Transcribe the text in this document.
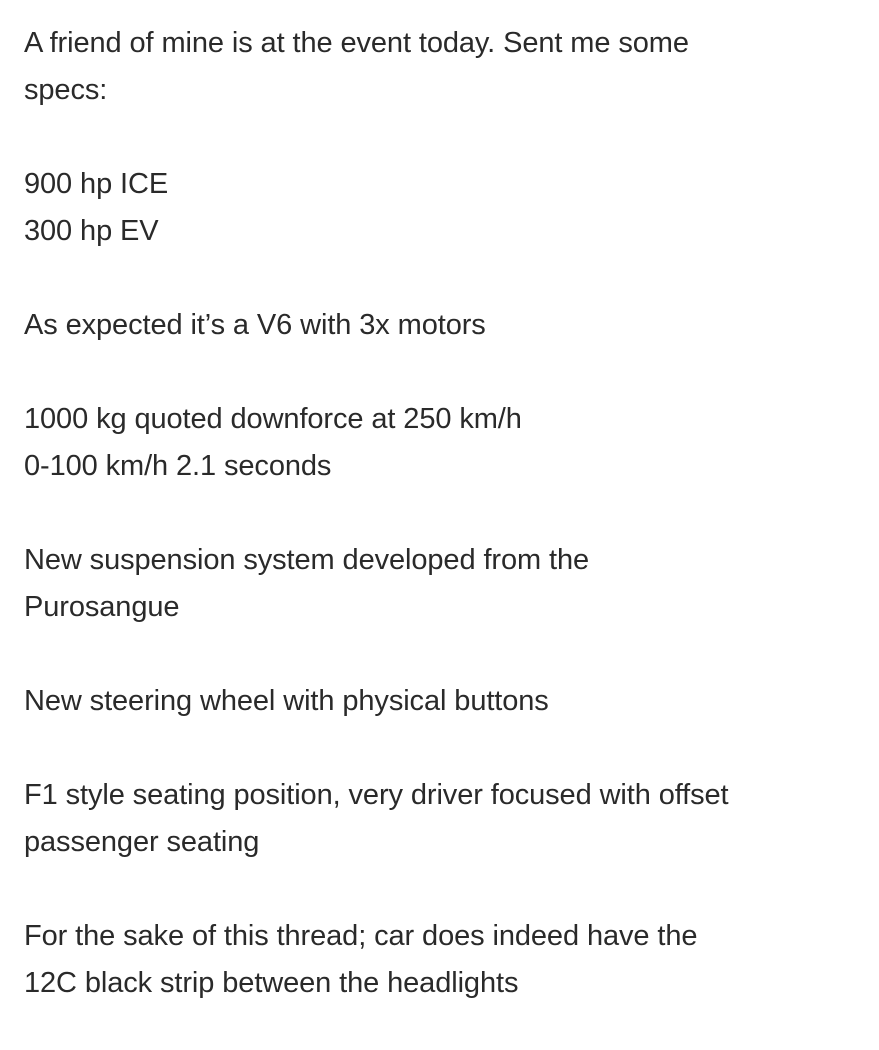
A friend of mine is at the event today. Sent me some
specs:

900 hp ICE
300 hp EV

As expected it’s a V6 with 3x motors

1000 kg quoted downforce at 250 km/h
0-100 km/h 2.1 seconds

New suspension system developed from the
Purosangue

New steering wheel with physical buttons

F1 style seating position, very driver focused with offset
passenger seating

For the sake of this thread; car does indeed have the
12C black strip between the headlights
